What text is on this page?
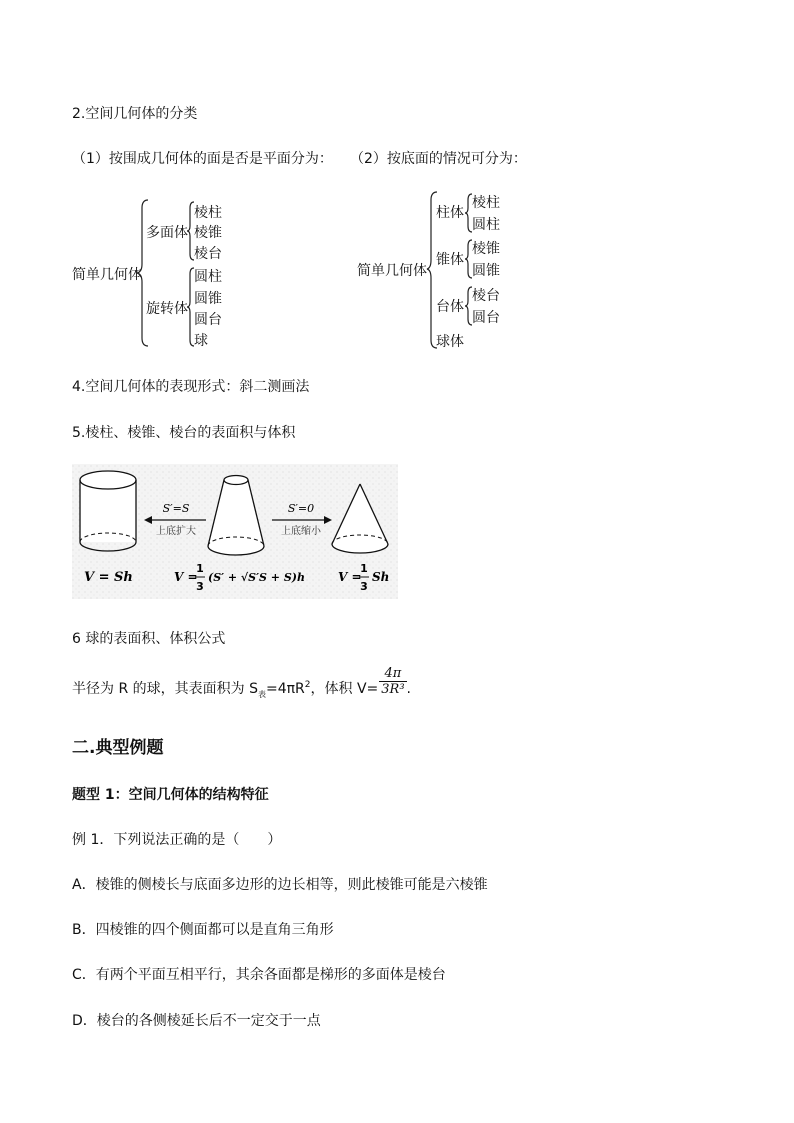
2.空间几何体的分类
（1）按围成几何体的面是否是平面分为： （2）按底面的情况可分为：
简单几何体
多面体
棱柱
棱锥
棱台
旋转体
圆柱
圆锥
圆台
球
简单几何体
柱体
棱柱
圆柱
锥体
棱锥
圆锥
台体
棱台
圆台
球体
4.空间几何体的表现形式：斜二测画法
5.棱柱、棱锥、棱台的表面积与体积
S′=S
上底扩大
S′=0
上底缩小
V = Sh	V =
1
3
(S′ + √S′S + S)h	V =
1
3
Sh
6 球的表面积、体积公式
半径为 R 的球，其表面积为 $S_表=4\pi R_2$，体积 $V= \frac{4\pi}{\text{3R³}}$ .
二.典型例题
题型 1：空间几何体的结构特征
例 1．下列说法正确的是（　　）
A．棱锥的侧棱长与底面多边形的边长相等，则此棱锥可能是六棱锥
B．四棱锥的四个侧面都可以是直角三角形
C．有两个平面互相平行，其余各面都是梯形的多面体是棱台
D．棱台的各侧棱延长后不一定交于一点
